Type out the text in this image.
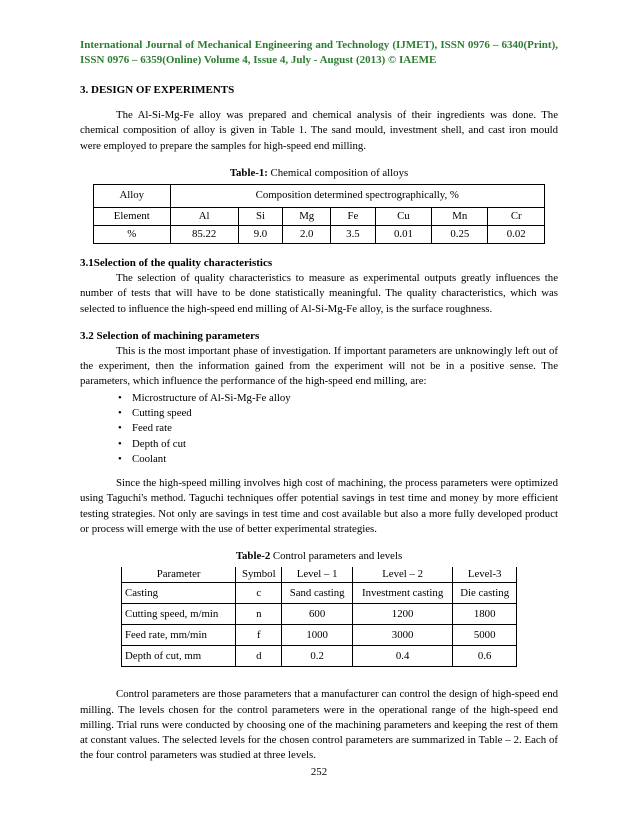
International Journal of Mechanical Engineering and Technology (IJMET), ISSN 0976 – 6340(Print), ISSN 0976 – 6359(Online) Volume 4, Issue 4, July - August (2013) © IAEME
3. DESIGN OF EXPERIMENTS

The Al-Si-Mg-Fe alloy was prepared and chemical analysis of their ingredients was done. The chemical composition of alloy is given in Table 1. The sand mould, investment shell, and cast iron mould were employed to prepare the samples for high-speed end milling.

Table-1: Chemical composition of alloys
Alloy	Composition determined spectrographically, %						
Element	Al	Si	Mg	Fe	Cu	Mn	Cr
%	85.22	9.0	2.0	3.5	0.01	0.25	0.02
3.1Selection of the quality characteristics

The selection of quality characteristics to measure as experimental outputs greatly influences the number of tests that will have to be done statistically meaningful. The quality characteristics, which was selected to influence the high-speed end milling of Al-Si-Mg-Fe alloy, is the surface roughness.

3.2 Selection of machining parameters

This is the most important phase of investigation. If important parameters are unknowingly left out of the experiment, then the information gained from the experiment will not be in a positive sense. The parameters, which influence the performance of the high-speed end milling, are:

• Microstructure of Al-Si-Mg-Fe alloy
• Cutting speed
• Feed rate
• Depth of cut
• Coolant

Since the high-speed milling involves high cost of machining, the process parameters were optimized using Taguchi's method. Taguchi techniques offer potential savings in test time and money by more efficient testing strategies. Not only are savings in test time and cost available but also a more fully developed product or process will emerge with the use of better experimental strategies.

Table-2 Control parameters and levels
Parameter	Symbol	Level – 1	Level – 2	Level-3
Casting	c	Sand casting	Investment casting	Die casting
Cutting speed, m/min	n	600	1200	1800
Feed rate, mm/min	f	1000	3000	5000
Depth of cut, mm	d	0.2	0.4	0.6

Control parameters are those parameters that a manufacturer can control the design of high-speed end milling. The levels chosen for the control parameters were in the operational range of the high-speed end milling. Trial runs were conducted by choosing one of the machining parameters and keeping the rest of them at constant values. The selected levels for the chosen control parameters are summarized in Table – 2. Each of the four control parameters was studied at three levels.

252
